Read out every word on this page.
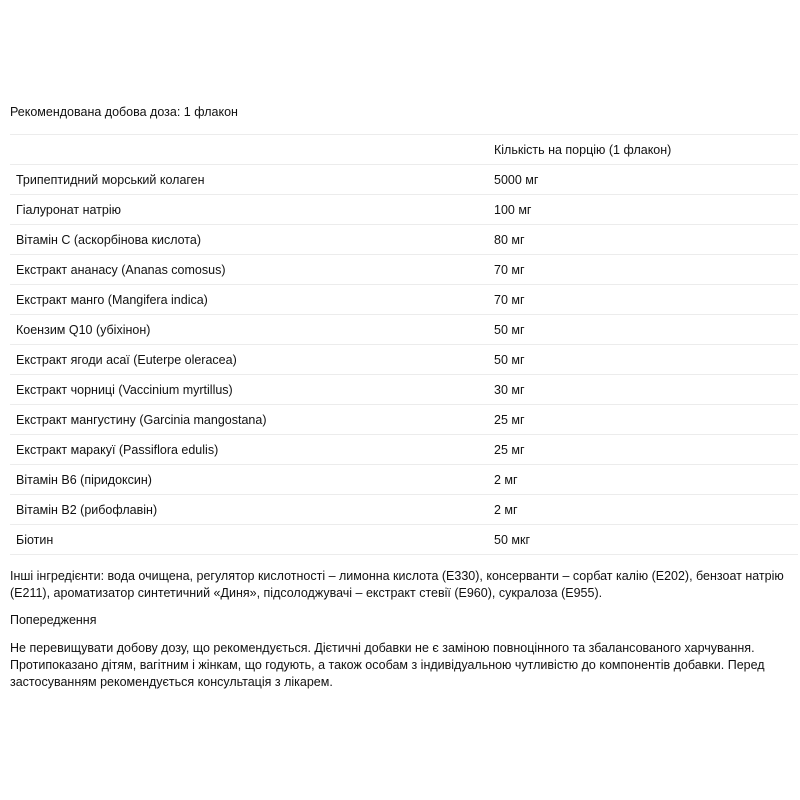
Рекомендована добова доза: 1 флакон
	Кількість на порцію (1 флакон)
Трипептидний морський колаген	5000 мг
Гіалуронат натрію	100 мг
Вітамін С (аскорбінова кислота)	80 мг
Екстракт ананасу (Ananas comosus)	70 мг
Екстракт манго (Mangifera indica)	70 мг
Коензим Q10 (убіхінон)	50 мг
Екстракт ягоди асаї (Euterpe oleracea)	50 мг
Екстракт чорниці (Vaccinium myrtillus)	30 мг
Екстракт мангустину (Garcinia mangostana)	25 мг
Екстракт маракуї (Passiflora edulis)	25 мг
Вітамін В6 (піридоксин)	2 мг
Вітамін В2 (рибофлавін)	2 мг
Біотин	50 мкг
Інші інгредієнти: вода очищена, регулятор кислотності – лимонна кислота (E330), консерванти – сорбат калію (E202), бензоат натрію (E211), ароматизатор синтетичний «Диня», підсолоджувачі – екстракт стевії (E960), сукралоза (E955).
Попередження
Не перевищувати добову дозу, що рекомендується. Дієтичні добавки не є заміною повноцінного та збалансованого харчування. Протипоказано дітям, вагітним і жінкам, що годують, а також особам з індивідуальною чутливістю до компонентів добавки. Перед застосуванням рекомендується консультація з лікарем.
